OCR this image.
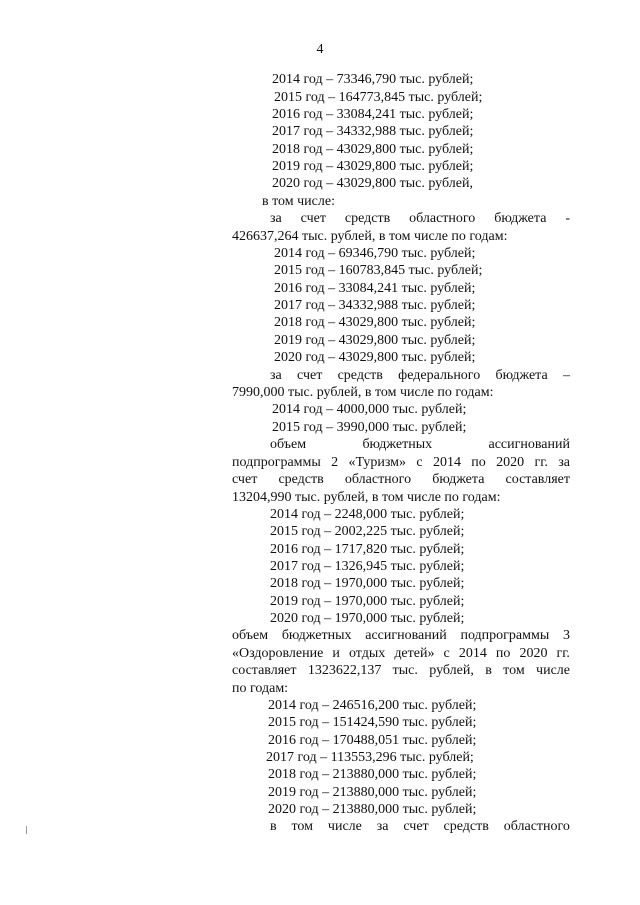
4
2014 год – 73346,790 тыс. рублей;
2015 год – 164773,845 тыс. рублей;
2016 год – 33084,241 тыс. рублей;
2017 год – 34332,988 тыс. рублей;
2018 год – 43029,800 тыс. рублей;
2019 год – 43029,800 тыс. рублей;
2020 год – 43029,800 тыс. рублей,
в том числе:
за счет средств областного бюджета -
426637,264 тыс. рублей, в том числе по годам:
2014 год – 69346,790 тыс. рублей;
2015 год – 160783,845 тыс. рублей;
2016 год – 33084,241 тыс. рублей;
2017 год – 34332,988 тыс. рублей;
2018 год – 43029,800 тыс. рублей;
2019 год – 43029,800 тыс. рублей;
2020 год – 43029,800 тыс. рублей;
за счет средств федерального бюджета –
7990,000 тыс. рублей, в том числе по годам:
2014 год – 4000,000 тыс. рублей;
2015 год – 3990,000 тыс. рублей;
объем	бюджетных	ассигнований
подпрограммы 2 «Туризм» с 2014 по 2020 гг. за
счет средств областного бюджета составляет
13204,990 тыс. рублей, в том числе по годам:
2014 год – 2248,000 тыс. рублей;
2015 год – 2002,225 тыс. рублей;
2016 год – 1717,820 тыс. рублей;
2017 год – 1326,945 тыс. рублей;
2018 год – 1970,000 тыс. рублей;
2019 год – 1970,000 тыс. рублей;
2020 год – 1970,000 тыс. рублей;
объем бюджетных ассигнований подпрограммы 3
«Оздоровление и отдых детей» с 2014 по 2020 гг.
составляет 1323622,137 тыс. рублей, в том числе
по годам:
2014 год – 246516,200 тыс. рублей;
2015 год – 151424,590 тыс. рублей;
2016 год – 170488,051 тыс. рублей;
2017 год – 113553,296 тыс. рублей;
2018 год – 213880,000 тыс. рублей;
2019 год – 213880,000 тыс. рублей;
2020 год – 213880,000 тыс. рублей;
в том числе за счет средств областного
